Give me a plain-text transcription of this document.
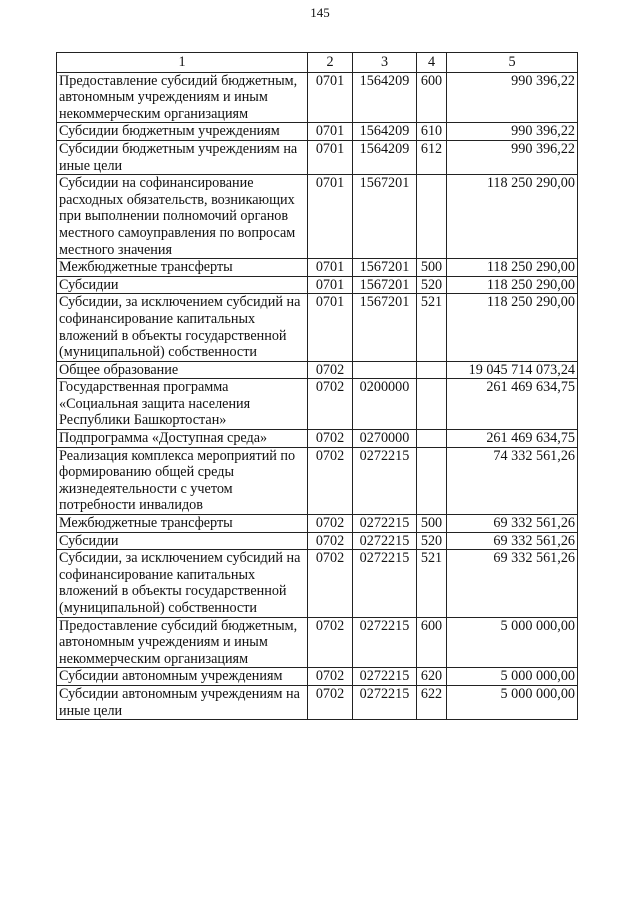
145
1	2	3	4	5
Предоставление субсидий бюджетным, автономным учреждениям и иным некоммерческим организациям	0701	1564209	600	990 396,22
Субсидии бюджетным учреждениям	0701	1564209	610	990 396,22
Субсидии бюджетным учреждениям на иные цели	0701	1564209	612	990 396,22
Субсидии на софинансирование расходных обязательств, возникающих при выполнении полномочий органов местного самоуправления по вопросам местного значения	0701	1567201		118 250 290,00
Межбюджетные трансферты	0701	1567201	500	118 250 290,00
Субсидии	0701	1567201	520	118 250 290,00
Субсидии, за исключением субсидий на софинансирование капитальных вложений в объекты государственной (муниципальной) собственности	0701	1567201	521	118 250 290,00
Общее образование	0702			19 045 714 073,24
Государственная программа «Социальная защита населения Республики Башкортостан»	0702	0200000		261 469 634,75
Подпрограмма «Доступная среда»	0702	0270000		261 469 634,75
Реализация комплекса мероприятий по формированию общей среды жизнедеятельности с учетом потребности инвалидов	0702	0272215		74 332 561,26
Межбюджетные трансферты	0702	0272215	500	69 332 561,26
Субсидии	0702	0272215	520	69 332 561,26
Субсидии, за исключением субсидий на софинансирование капитальных вложений в объекты государственной (муниципальной) собственности	0702	0272215	521	69 332 561,26
Предоставление субсидий бюджетным, автономным учреждениям и иным некоммерческим организациям	0702	0272215	600	5 000 000,00
Субсидии автономным учреждениям	0702	0272215	620	5 000 000,00
Субсидии автономным учреждениям на иные цели	0702	0272215	622	5 000 000,00
